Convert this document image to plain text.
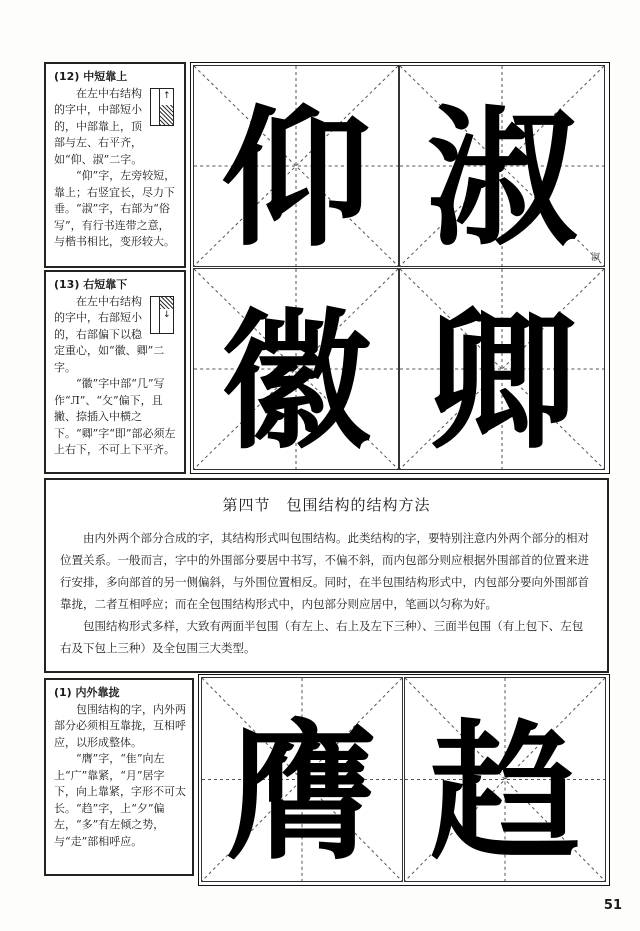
(12) 中短靠上
↑

在左中右结构的字中，中部短小的，中部靠上，顶部与左、右平齐，如“仰、淑”二字。

“仰”字，左旁较短，靠上；右竖宜长，尽力下垂。“淑”字，右部为“俗写”，有行书连带之意，与楷书相比，变形较大。

(13) 右短靠下
↓

在左中右结构的字中，右部短小的，右部偏下以稳定重心，如“徽、卿”二字。

“徽”字中部“几”写作“Л”、“攵”偏下，且撇、捺插入中横之下。“卿”字“即”部必须左上右下，不可上下平齐。

仰 淑	淑
徽 卿
第四节　包围结构的结构方法

由内外两个部分合成的字，其结构形式叫包围结构。此类结构的字，要特别注意内外两个部分的相对位置关系。一般而言，字中的外围部分要居中书写，不偏不斜，而内包部分则应根据外围部首的位置来进行安排，多向部首的另一侧偏斜，与外围位置相反。同时，在半包围结构形式中，内包部分要向外围部首靠拢，二者互相呼应；而在全包围结构形式中，内包部分则应居中，笔画以匀称为好。

包围结构形式多样，大致有两面半包围（有左上、右上及左下三种）、三面半包围（有上包下、左包右及下包上三种）及全包围三大类型。

(1) 内外靠拢

包围结构的字，内外两部分必须相互靠拢，互相呼应，以形成整体。

“膺”字，“隹”向左上“广”靠紧，“月”居字下，向上靠紧，字形不可太长。“趋”字，上“夕”偏左，“多”有左倾之势，与“走”部相呼应。 膺 趋
51
